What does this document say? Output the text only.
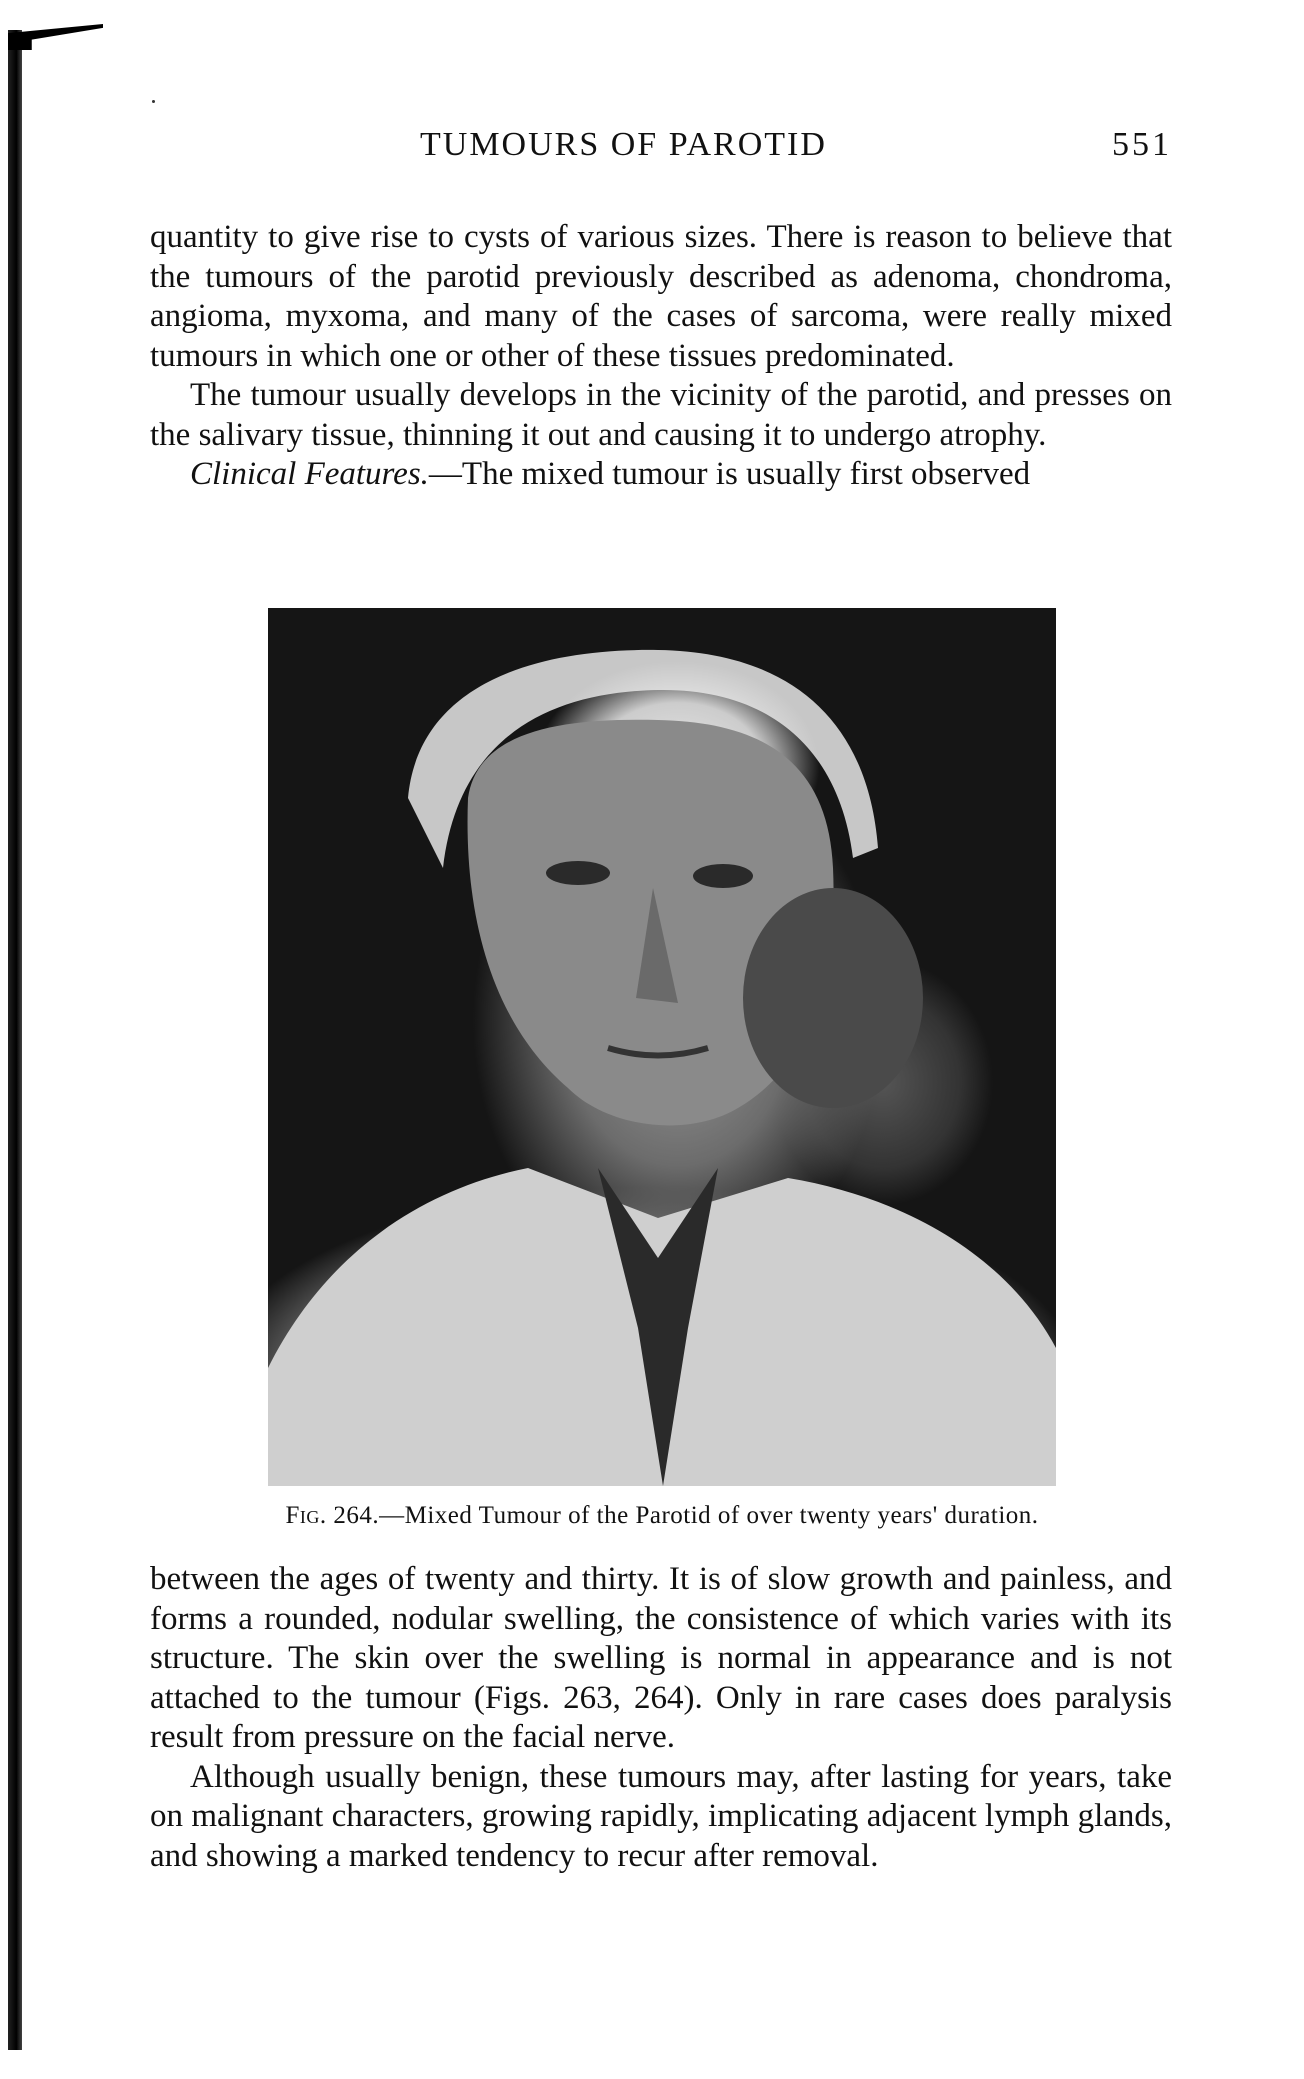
TUMOURS OF PAROTID	551

quantity to give rise to cysts of various sizes. There is reason to believe that the tumours of the parotid previously described as adenoma, chondroma, angioma, myxoma, and many of the cases of sarcoma, were really mixed tumours in which one or other of these tissues predominated.

The tumour usually develops in the vicinity of the parotid, and presses on the salivary tissue, thinning it out and causing it to undergo atrophy.

Clinical Features.—The mixed tumour is usually first observed

Fig. 264.—Mixed Tumour of the Parotid of over twenty years' duration.

between the ages of twenty and thirty. It is of slow growth and painless, and forms a rounded, nodular swelling, the consistence of which varies with its structure. The skin over the swelling is normal in appearance and is not attached to the tumour (Figs. 263, 264). Only in rare cases does paralysis result from pressure on the facial nerve.

Although usually benign, these tumours may, after lasting for years, take on malignant characters, growing rapidly, implicating adjacent lymph glands, and showing a marked tendency to recur after removal.
